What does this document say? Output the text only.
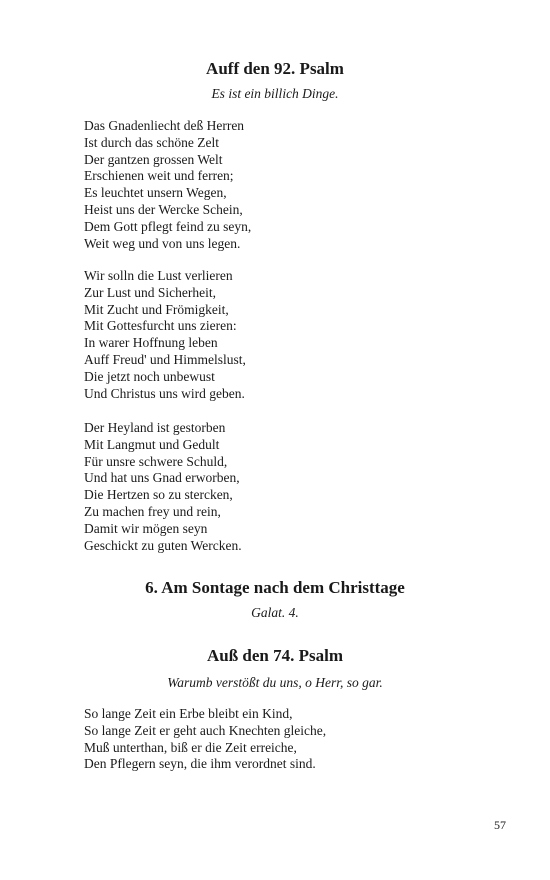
Auff den 92. Psalm
Es ist ein billich Dinge.
Das Gnadenliecht deß Herren
Ist durch das schöne Zelt
Der gantzen grossen Welt
Erschienen weit und ferren;
Es leuchtet unsern Wegen,
Heist uns der Wercke Schein,
Dem Gott pflegt feind zu seyn,
Weit weg und von uns legen.
Wir solln die Lust verlieren
Zur Lust und Sicherheit,
Mit Zucht und Frömigkeit,
Mit Gottesfurcht uns zieren:
In warer Hoffnung leben
Auff Freud' und Himmelslust,
Die jetzt noch unbewust
Und Christus uns wird geben.
Der Heyland ist gestorben
Mit Langmut und Gedult
Für unsre schwere Schuld,
Und hat uns Gnad erworben,
Die Hertzen so zu stercken,
Zu machen frey und rein,
Damit wir mögen seyn
Geschickt zu guten Wercken.
6. Am Sontage nach dem Christtage
Galat. 4.
Auß den 74. Psalm
Warumb verstößt du uns, o Herr, so gar.
So lange Zeit ein Erbe bleibt ein Kind,
So lange Zeit er geht auch Knechten gleiche,
Muß unterthan, biß er die Zeit erreiche,
Den Pflegern seyn, die ihm verordnet sind.
57
